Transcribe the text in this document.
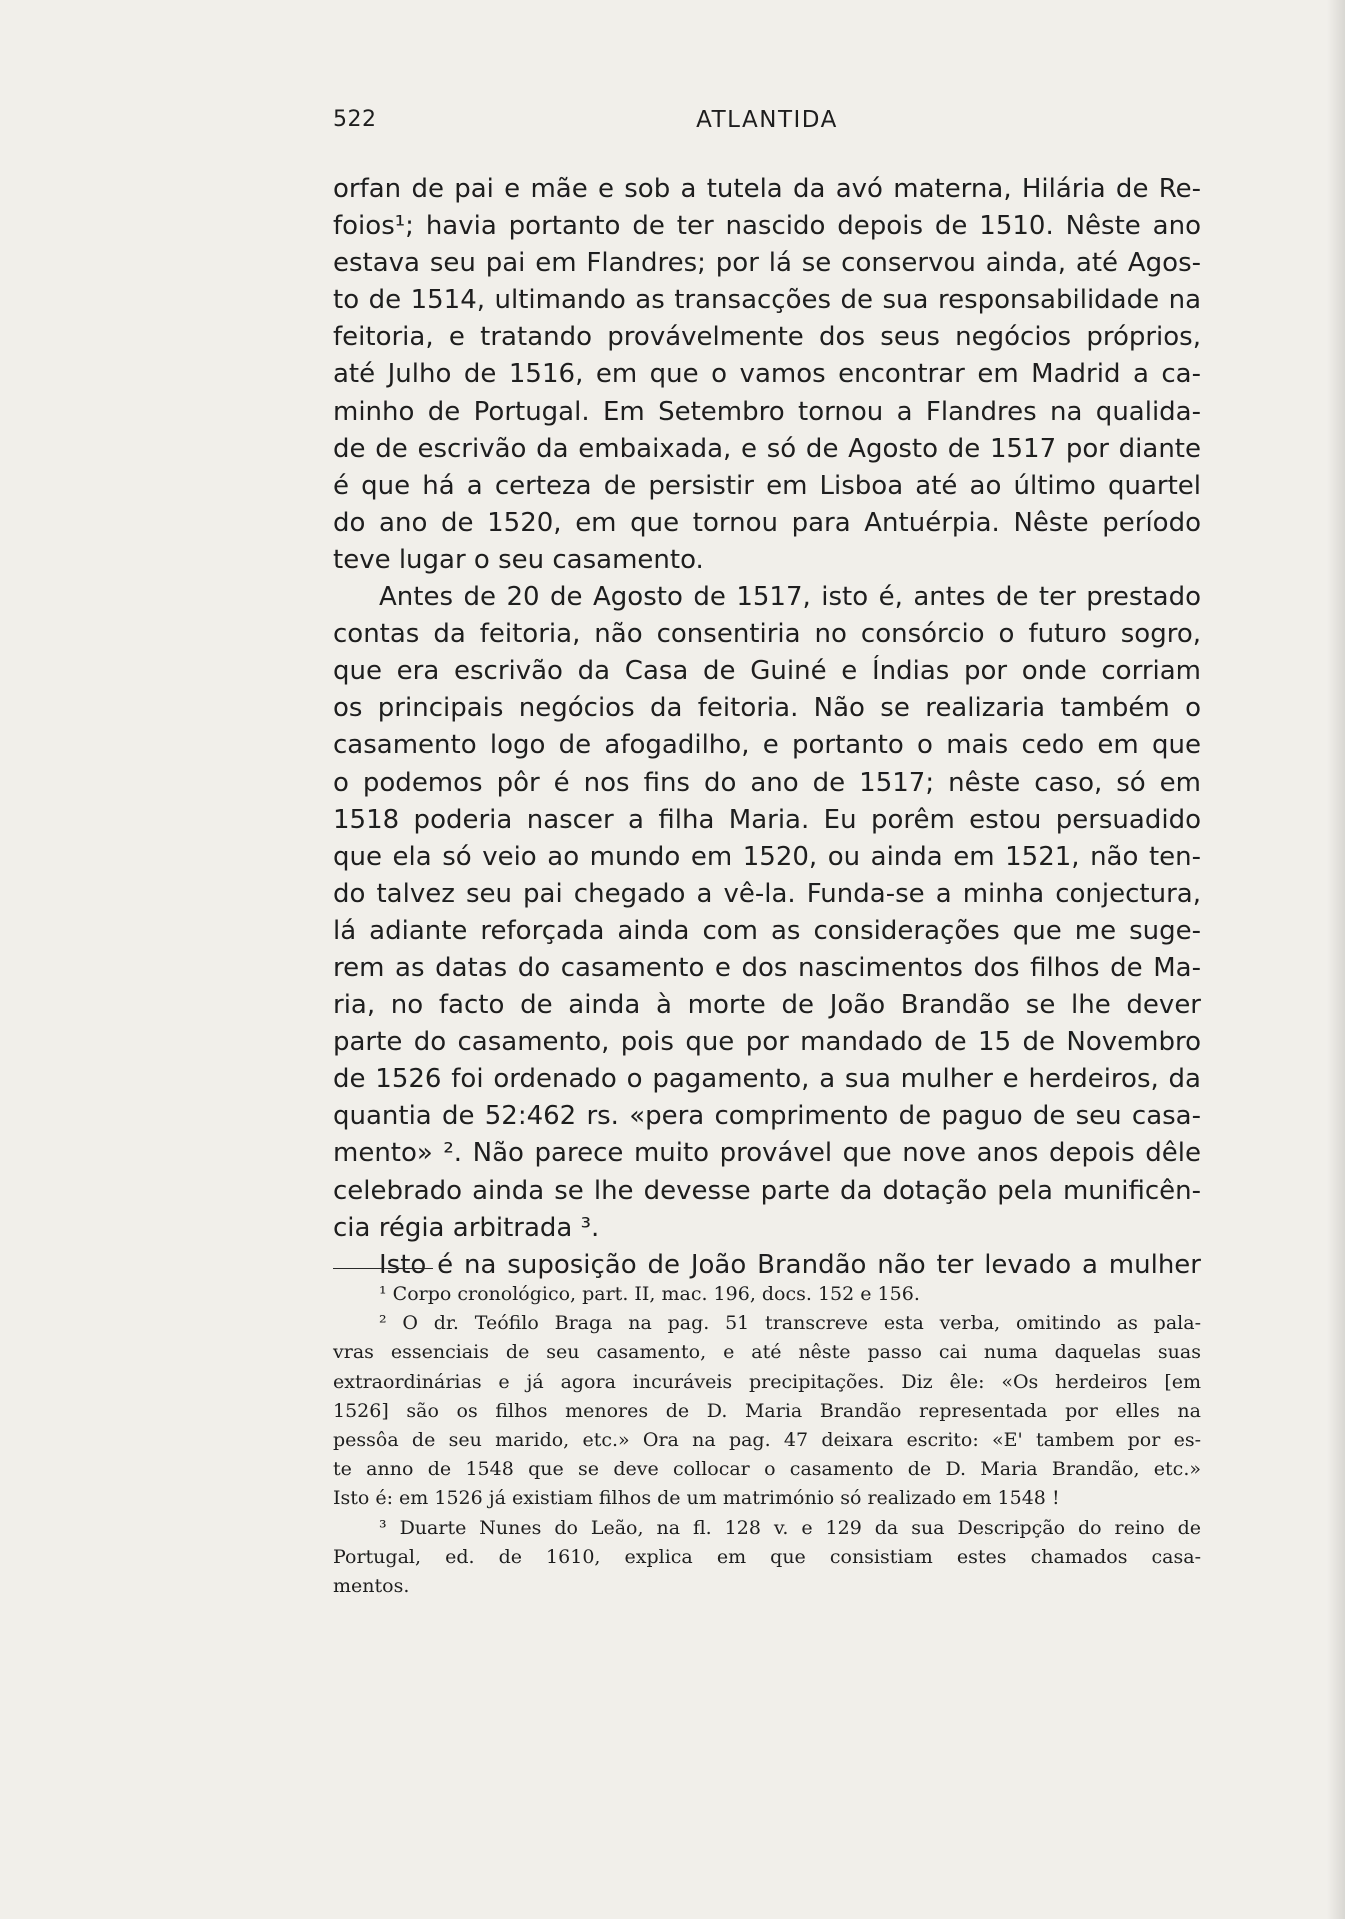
522	ATLANTIDA
orfan de pai e mãe e sob a tutela da avó materna, Hilária de Re-
foios¹; havia portanto de ter nascido depois de 1510. Nêste ano
estava seu pai em Flandres; por lá se conservou ainda, até Agos-
to de 1514, ultimando as transacções de sua responsabilidade na
feitoria, e tratando provávelmente dos seus negócios próprios,
até Julho de 1516, em que o vamos encontrar em Madrid a ca-
minho de Portugal. Em Setembro tornou a Flandres na qualida-
de de escrivão da embaixada, e só de Agosto de 1517 por diante
é que há a certeza de persistir em Lisboa até ao último quartel
do ano de 1520, em que tornou para Antuérpia. Nêste período
teve lugar o seu casamento.
Antes de 20 de Agosto de 1517, isto é, antes de ter prestado
contas da feitoria, não consentiria no consórcio o futuro sogro,
que era escrivão da Casa de Guiné e Índias por onde corriam
os principais negócios da feitoria. Não se realizaria também o
casamento logo de afogadilho, e portanto o mais cedo em que
o podemos pôr é nos fins do ano de 1517; nêste caso, só em
1518 poderia nascer a filha Maria. Eu porêm estou persuadido
que ela só veio ao mundo em 1520, ou ainda em 1521, não ten-
do talvez seu pai chegado a vê-la. Funda-se a minha conjectura,
lá adiante reforçada ainda com as considerações que me suge-
rem as datas do casamento e dos nascimentos dos filhos de Ma-
ria, no facto de ainda à morte de João Brandão se lhe dever
parte do casamento, pois que por mandado de 15 de Novembro
de 1526 foi ordenado o pagamento, a sua mulher e herdeiros, da
quantia de 52:462 rs. «pera comprimento de paguo de seu casa-
mento» ². Não parece muito provável que nove anos depois dêle
celebrado ainda se lhe devesse parte da dotação pela munificên-
cia régia arbitrada ³.
Isto é na suposição de João Brandão não ter levado a mulher
¹ Corpo cronológico, part. II, mac. 196, docs. 152 e 156.
² O dr. Teófilo Braga na pag. 51 transcreve esta verba, omitindo as pala-
vras essenciais de seu casamento, e até nêste passo cai numa daquelas suas
extraordinárias e já agora incuráveis precipitações. Diz êle: «Os herdeiros [em
1526] são os filhos menores de D. Maria Brandão representada por elles na
pessôa de seu marido, etc.» Ora na pag. 47 deixara escrito: «E' tambem por es-
te anno de 1548 que se deve collocar o casamento de D. Maria Brandão, etc.»
Isto é: em 1526 já existiam filhos de um matrimónio só realizado em 1548 !
³ Duarte Nunes do Leão, na fl. 128 v. e 129 da sua Descripção do reino de
Portugal, ed. de 1610, explica em que consistiam estes chamados casa-
mentos.
